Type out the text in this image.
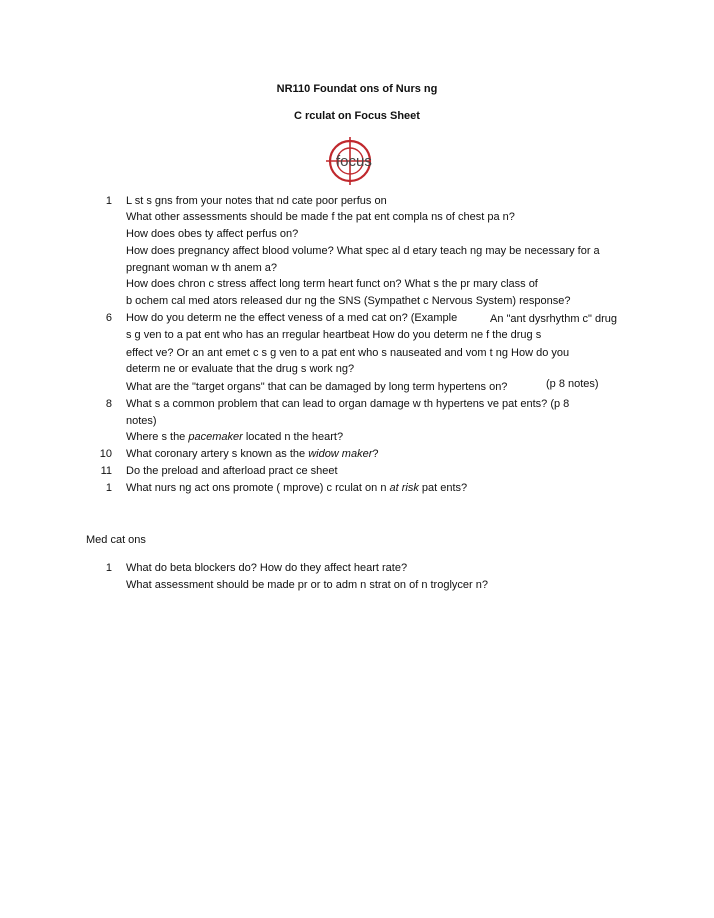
NR110 Foundat ons of Nurs ng
C rculat on Focus Sheet
focus
1 L st s gns from your notes that nd cate poor perfus on
What other assessments should be made f the pat ent compla ns of chest pa n?
How does obes ty affect perfus on?
How does pregnancy affect blood volume? What spec al d etary teach ng may be necessary for a
pregnant woman w th anem a?
How does chron c stress affect long term heart funct on? What s the pr mary class of
b ochem cal med ators released dur ng the SNS (Sympathet c Nervous System) response?
6 How do you determ ne the effect veness of a med cat on? (Example	An "ant dysrhythm c" drug
s g ven to a pat ent who has an rregular heartbeat How do you determ ne f the drug s
effect ve? Or an ant emet c s g ven to a pat ent who s nauseated and vom t ng How do you
determ ne or evaluate that the drug s work ng?
What are the "target organs" that can be damaged by long term hypertens on?	(p 8 notes)
8 What s a common problem that can lead to organ damage w th hypertens ve pat ents? (p 8
notes)
Where s the pacemaker located n the heart?
10 What coronary artery s known as the widow maker?
11 Do the preload and afterload pract ce sheet
1 What nurs ng act ons promote ( mprove) c rculat on n at risk pat ents?
Med cat ons
1 What do beta blockers do? How do they affect heart rate?
What assessment should be made pr or to adm n strat on of n troglycer n?
